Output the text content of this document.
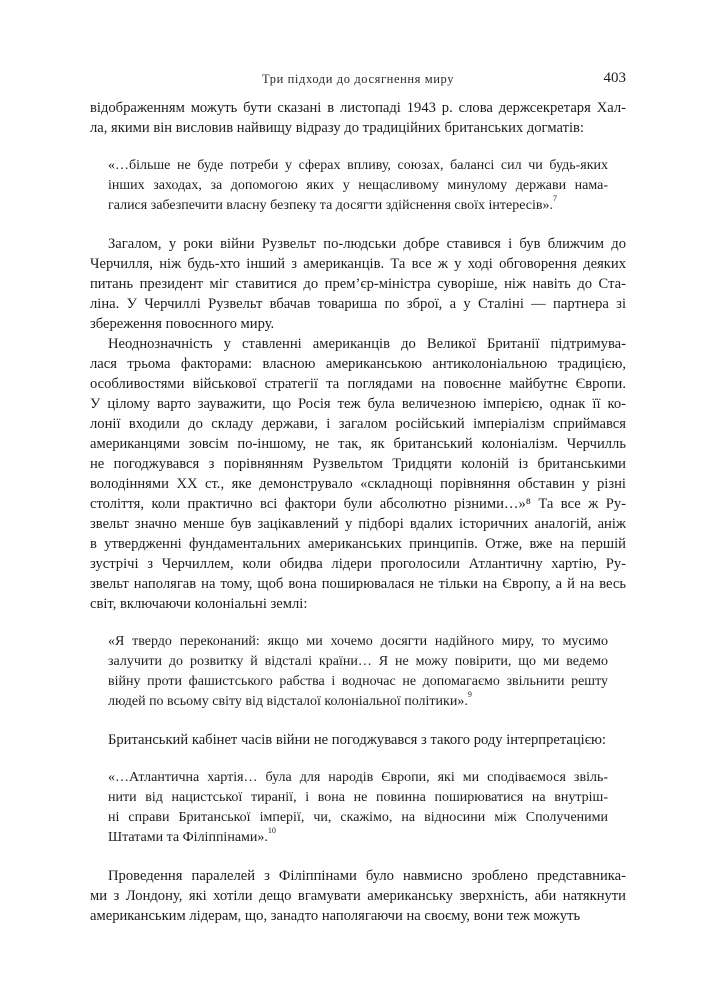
Три підходи до досягнення миру	403
відображенням можуть бути сказані в листопаді 1943 р. слова держсекретаря Хал-
ла, якими він висловив найвищу відразу до традиційних британських догматів:
«…більше не буде потреби у сферах впливу, союзах, балансі сил чи будь-яких
інших заходах, за допомогою яких у нещасливому минулому держави нама-
галися забезпечити власну безпеку та досягти здійснення своїх інтересів».$^7$
Загалом, у роки війни Рузвельт по-людськи добре ставився і був ближчим до
Черчилля, ніж будь-хто інший з американців. Та все ж у ході обговорення деяких
питань президент міг ставитися до прем’єр-міністра суворіше, ніж навіть до Ста-
ліна. У Черчиллі Рузвельт вбачав товариша по зброї, а у Сталіні — партнера зі
збереження повоєнного миру.
Неоднозначність у ставленні американців до Великої Британії підтримува-
лася трьома факторами: власною американською антиколоніальною традицією,
особливостями військової стратегії та поглядами на повоєнне майбутнє Європи.
У цілому варто зауважити, що Росія теж була величезною імперією, однак її ко-
лонії входили до складу держави, і загалом російський імперіалізм сприймався
американцями зовсім по-іншому, не так, як британський колоніалізм. Черчилль
не погоджувався з порівнянням Рузвельтом Тридцяти колоній із британськими
володіннями XX ст., яке демонструвало «складнощі порівняння обставин у різні
століття, коли практично всі фактори були абсолютно різними…»⁸ Та все ж Ру-
звельт значно менше був зацікавлений у підборі вдалих історичних аналогій, аніж
в утвердженні фундаментальних американських принципів. Отже, вже на першій
зустрічі з Черчиллем, коли обидва лідери проголосили Атлантичну хартію, Ру-
звельт наполягав на тому, щоб вона поширювалася не тільки на Європу, а й на весь
світ, включаючи колоніальні землі:
«Я твердо переконаний: якщо ми хочемо досягти надійного миру, то мусимо
залучити до розвитку й відсталі країни… Я не можу повірити, що ми ведемо
війну проти фашистського рабства і водночас не допомагаємо звільнити решту
людей по всьому світу від відсталої колоніальної політики».$^9$
Британський кабінет часів війни не погоджувався з такого роду інтерпретацією:
«…Атлантична хартія… була для народів Європи, які ми сподіваємося звіль-
нити від нацистської тиранії, і вона не повинна поширюватися на внутріш-
ні справи Британської імперії, чи, скажімо, на відносини між Сполученими
Штатами та Філіппінами».$^{10}$
Проведення паралелей з Філіппінами було навмисно зроблено представника-
ми з Лондону, які хотіли дещо вгамувати американську зверхність, аби натякнути
американським лідерам, що, занадто наполягаючи на своєму, вони теж можуть
